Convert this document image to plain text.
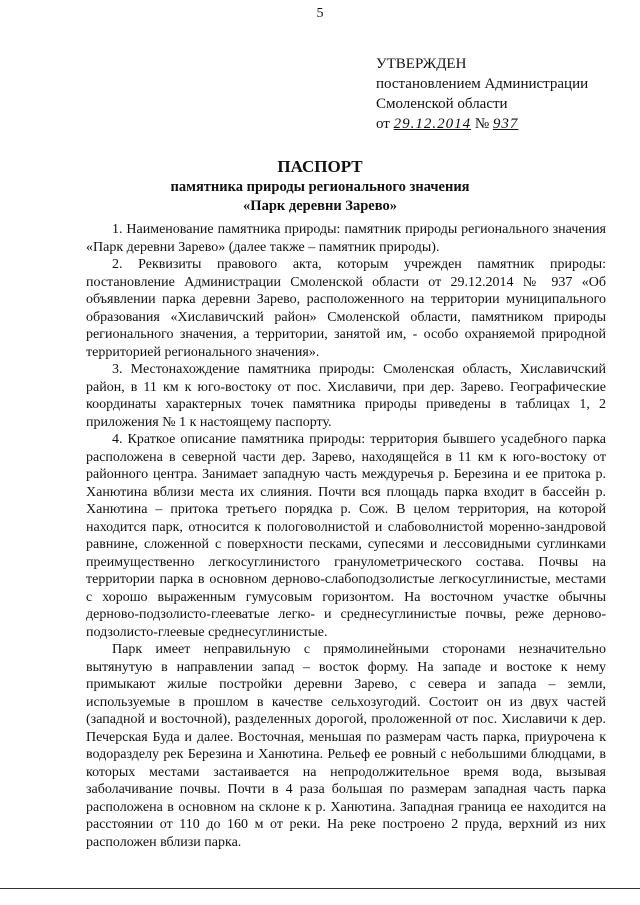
5
УТВЕРЖДЕН
постановлением Администрации
Смоленской области
от 29.12.2014 № 937
ПАСПОРТ
памятника природы регионального значения
«Парк деревни Зарево»

1. Наименование памятника природы: памятник природы регионального значения «Парк деревни Зарево» (далее также – памятник природы).

2. Реквизиты правового акта, которым учрежден памятник природы: постановление Администрации Смоленской области от 29.12.2014 № 937 «Об объявлении парка деревни Зарево, расположенного на территории муниципального образования «Хиславичский район» Смоленской области, памятником природы регионального значения, а территории, занятой им, - особо охраняемой природной территорией регионального значения».

3. Местонахождение памятника природы: Смоленская область, Хиславичский район, в 11 км к юго-востоку от пос. Хиславичи, при дер. Зарево. Географические координаты характерных точек памятника природы приведены в таблицах 1, 2 приложения № 1 к настоящему паспорту.

4. Краткое описание памятника природы: территория бывшего усадебного парка расположена в северной части дер. Зарево, находящейся в 11 км к юго-востоку от районного центра. Занимает западную часть междуречья р. Березина и ее притока р. Ханютина вблизи места их слияния. Почти вся площадь парка входит в бассейн р. Ханютина – притока третьего порядка р. Сож. В целом территория, на которой находится парк, относится к пологоволнистой и слабоволнистой моренно-зандровой равнине, сложенной с поверхности песками, супесями и лессовидными суглинками преимущественно легкосуглинистого гранулометрического состава. Почвы на территории парка в основном дерново-слабоподзолистые легкосуглинистые, местами с хорошо выраженным гумусовым горизонтом. На восточном участке обычны дерново-подзолисто-глееватые легко- и среднесуглинистые почвы, реже дерново-подзолисто-глеевые среднесуглинистые.

Парк имеет неправильную с прямолинейными сторонами незначительно вытянутую в направлении запад – восток форму. На западе и востоке к нему примыкают жилые постройки деревни Зарево, с севера и запада – земли, используемые в прошлом в качестве сельхозугодий. Состоит он из двух частей (западной и восточной), разделенных дорогой, проложенной от пос. Хиславичи к дер. Печерская Буда и далее. Восточная, меньшая по размерам часть парка, приурочена к водоразделу рек Березина и Ханютина. Рельеф ее ровный с небольшими блюдцами, в которых местами застаивается на непродолжительное время вода, вызывая заболачивание почвы. Почти в 4 раза большая по размерам западная часть парка расположена в основном на склоне к р. Ханютина. Западная граница ее находится на расстоянии от 110 до 160 м от реки. На реке построено 2 пруда, верхний из них расположен вблизи парка.
